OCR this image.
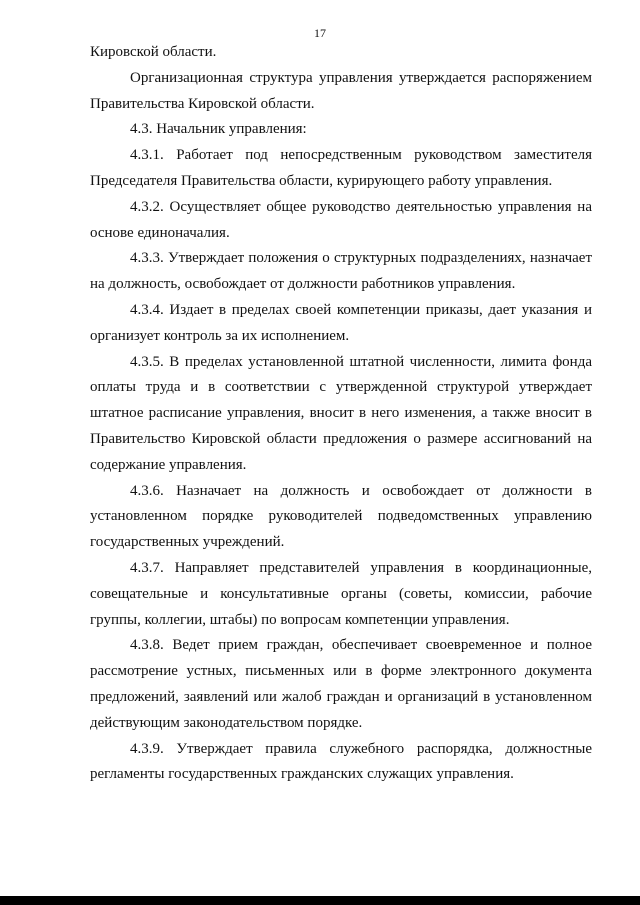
17

Кировской области.

Организационная структура управления утверждается распоряжением Правительства Кировской области.

4.3. Начальник управления:

4.3.1. Работает под непосредственным руководством заместителя Председателя Правительства области, курирующего работу управления.

4.3.2. Осуществляет общее руководство деятельностью управления на основе единоначалия.

4.3.3. Утверждает положения о структурных подразделениях, назначает на должность, освобождает от должности работников управления.

4.3.4. Издает в пределах своей компетенции приказы, дает указания и организует контроль за их исполнением.

4.3.5. В пределах установленной штатной численности, лимита фонда оплаты труда и в соответствии с утвержденной структурой утверждает штатное расписание управления, вносит в него изменения, а также вносит в Правительство Кировской области предложения о размере ассигнований на содержание управления.

4.3.6. Назначает на должность и освобождает от должности в установленном порядке руководителей подведомственных управлению государственных учреждений.

4.3.7. Направляет представителей управления в координационные, совещательные и консультативные органы (советы, комиссии, рабочие группы, коллегии, штабы) по вопросам компетенции управления.

4.3.8. Ведет прием граждан, обеспечивает своевременное и полное рассмотрение устных, письменных или в форме электронного документа предложений, заявлений или жалоб граждан и организаций в установленном действующим законодательством порядке.

4.3.9. Утверждает правила служебного распорядка, должностные регламенты государственных гражданских служащих управления.
